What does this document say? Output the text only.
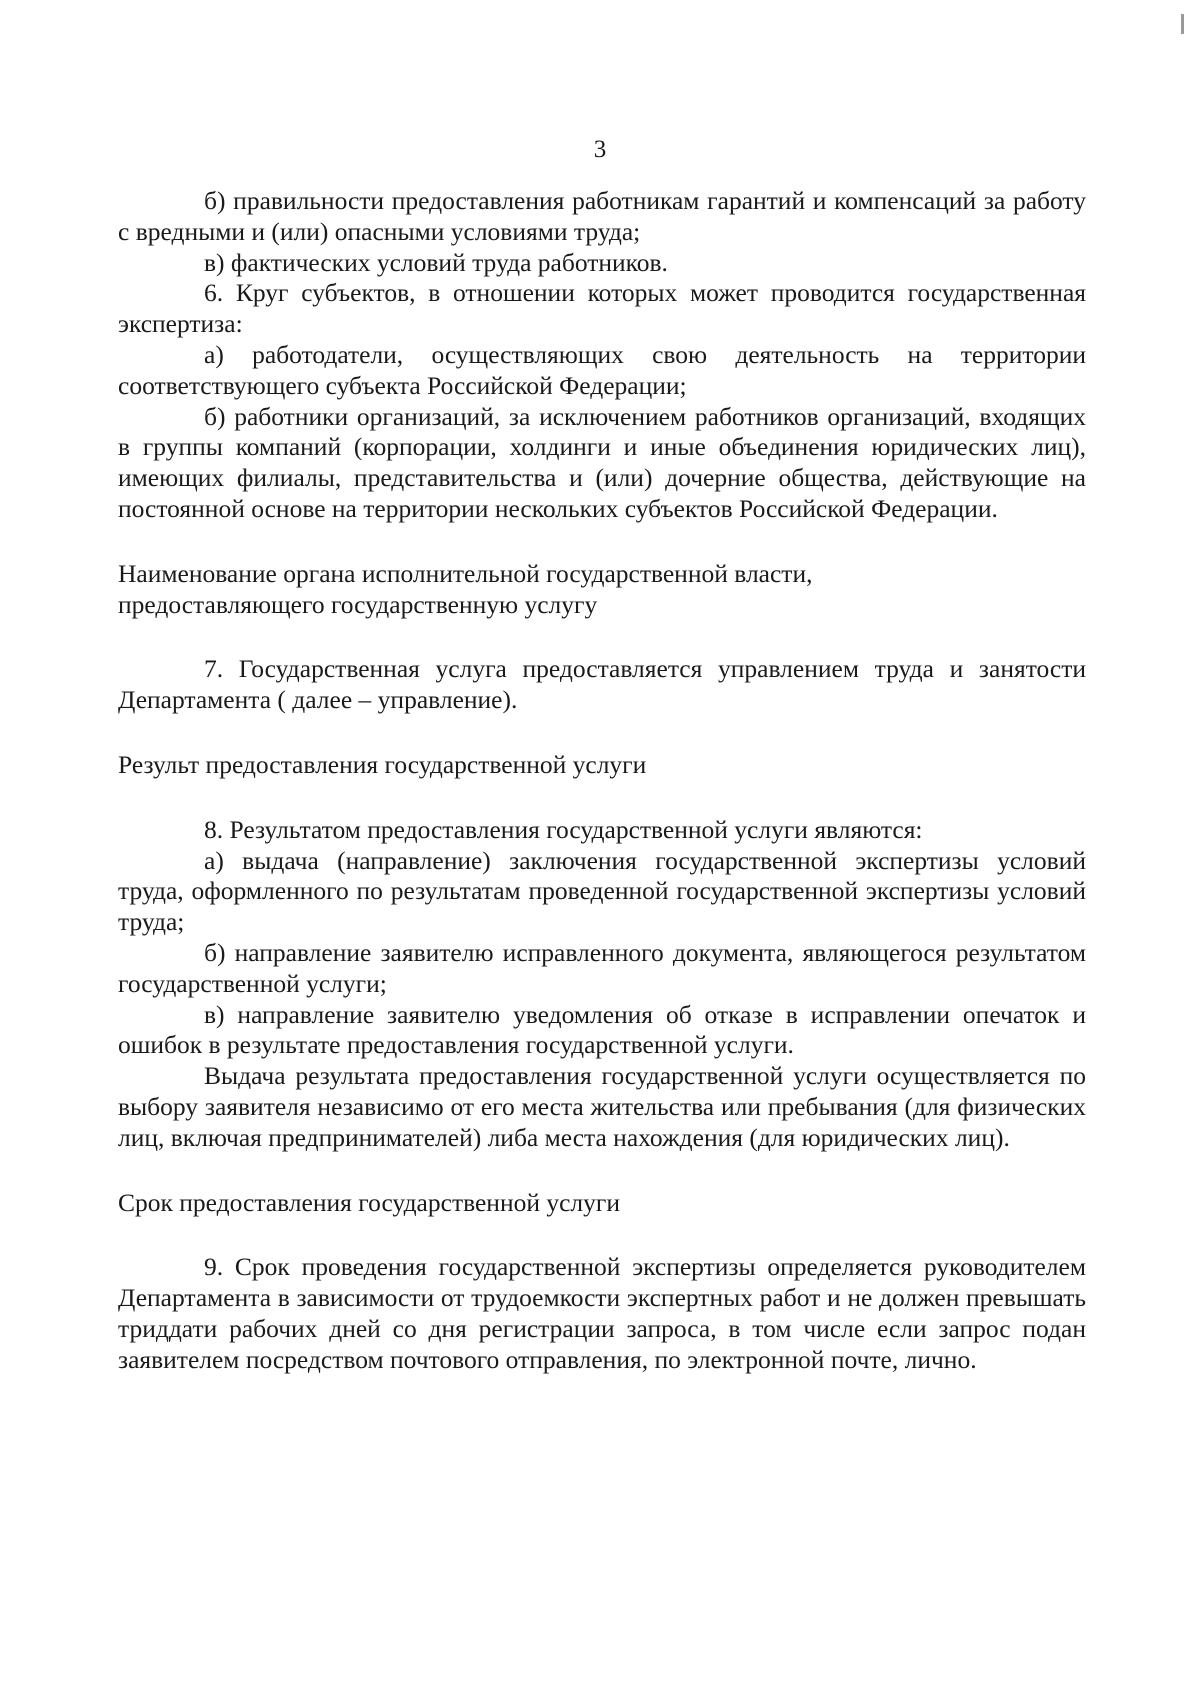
3

б) правильности предоставления работникам гарантий и компенсаций за работу с вредными и (или) опасными условиями труда;

в) фактических условий труда работников.

6. Круг субъектов, в отношении которых может проводится государственная экспертиза:

а) работодатели, осуществляющих свою деятельность на территории соответствующего субъекта Российской Федерации;

б) работники организаций, за исключением работников организаций, входящих в группы компаний (корпорации, холдинги и иные объединения юридических лиц), имеющих филиалы, представительства и (или) дочерние общества, действующие на постоянной основе на территории нескольких субъектов Российской Федерации.

Наименование органа исполнительной государственной власти,

предоставляющего государственную услугу

7. Государственная услуга предоставляется управлением труда и занятости Департамента ( далее – управление).

Результ предоставления государственной услуги

8. Результатом предоставления государственной услуги являются:

а) выдача (направление) заключения государственной экспертизы условий труда, оформленного по результатам проведенной государственной экспертизы условий труда;

б) направление заявителю исправленного документа, являющегося результатом государственной услуги;

в) направление заявителю уведомления об отказе в исправлении опечаток и ошибок в результате предоставления государственной услуги.

Выдача результата предоставления государственной услуги осуществляется по выбору заявителя независимо от его места жительства или пребывания (для физических лиц, включая предпринимателей) либа места нахождения (для юридических лиц).

Срок предоставления государственной услуги

9. Срок проведения государственной экспертизы определяется руководителем Департамента в зависимости от трудоемкости экспертных работ и не должен превышать триддати рабочих дней со дня регистрации запроса, в том числе если запрос подан заявителем посредством почтового отправления, по электронной почте, лично.
